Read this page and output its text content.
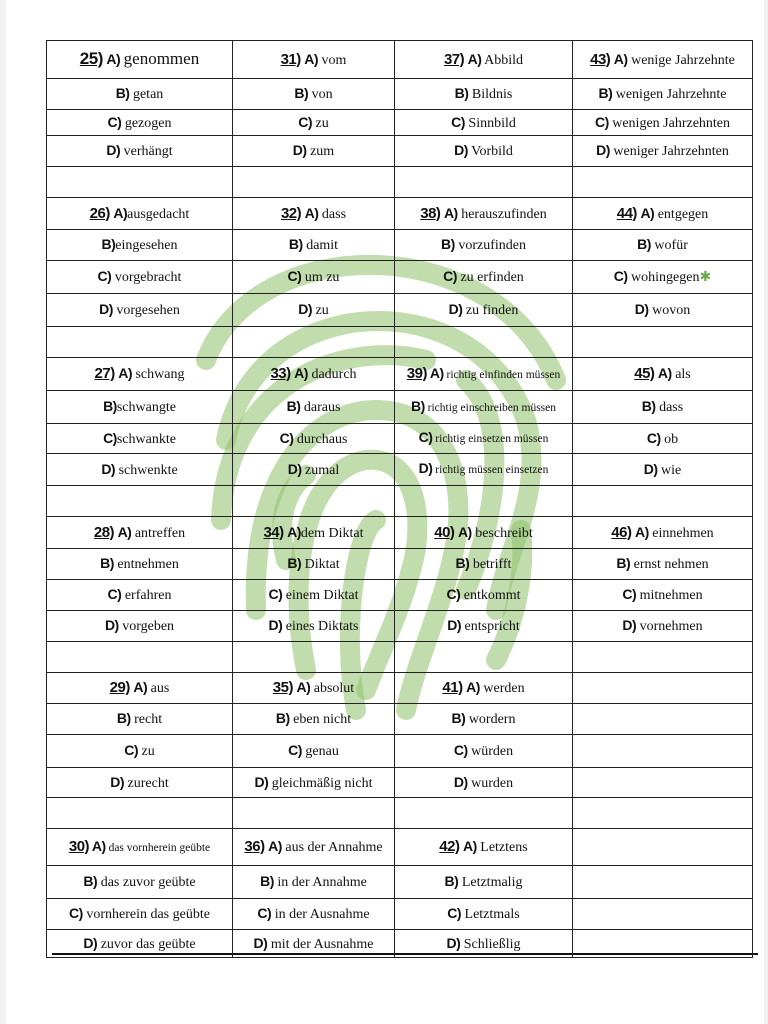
25) A) genommen	31) A) vom	37) A) Abbild	43) A) wenige Jahrzehnte
B) getan	B) von	B) Bildnis	B) wenigen Jahrzehnte
C) gezogen	C) zu	C) Sinnbild	C) wenigen Jahrzehnten
D) verhängt	D) zum	D) Vorbild	D) weniger Jahrzehnten

26) A)ausgedacht	32) A) dass	38) A) herauszufinden	44) A) entgegen
B)eingesehen	B) damit	B) vorzufinden	B) wofür
C) vorgebracht	C) um zu	C) zu erfinden	C) wohingegen✱
D) vorgesehen	D) zu	D) zu finden	D) wovon

27) A) schwang	33) A) dadurch	39) A) richtig einfinden müssen	45) A) als
B)schwangte	B) daraus	B) richtig einschreiben müssen	B) dass
C)schwankte	C) durchaus	C) richtig einsetzen müssen	C) ob
D) schwenkte	D) zumal	D) richtig müssen einsetzen	D) wie

28) A) antreffen	34) A)dem Diktat	40) A) beschreibt	46) A) einnehmen
B) entnehmen	B) Diktat	B) betrifft	B) ernst nehmen
C) erfahren	C) einem Diktat	C) entkommt	C) mitnehmen
D) vorgeben	D) eines Diktats	D) entspricht	D) vornehmen

29) A) aus	35) A) absolut	41) A) werden	
B) recht	B) eben nicht	B) wordern	
C) zu	C) genau	C) würden	
D) zurecht	D) gleichmäßig nicht	D) wurden	

30) A) das vornherein geübte	36) A) aus der Annahme	42) A) Letztens	
B) das zuvor geübte	B) in der Annahme	B) Letztmalig	
C) vornherein das geübte	C) in der Ausnahme	C) Letztmals	
D) zuvor das geübte	D) mit der Ausnahme	D) Schließlig	
